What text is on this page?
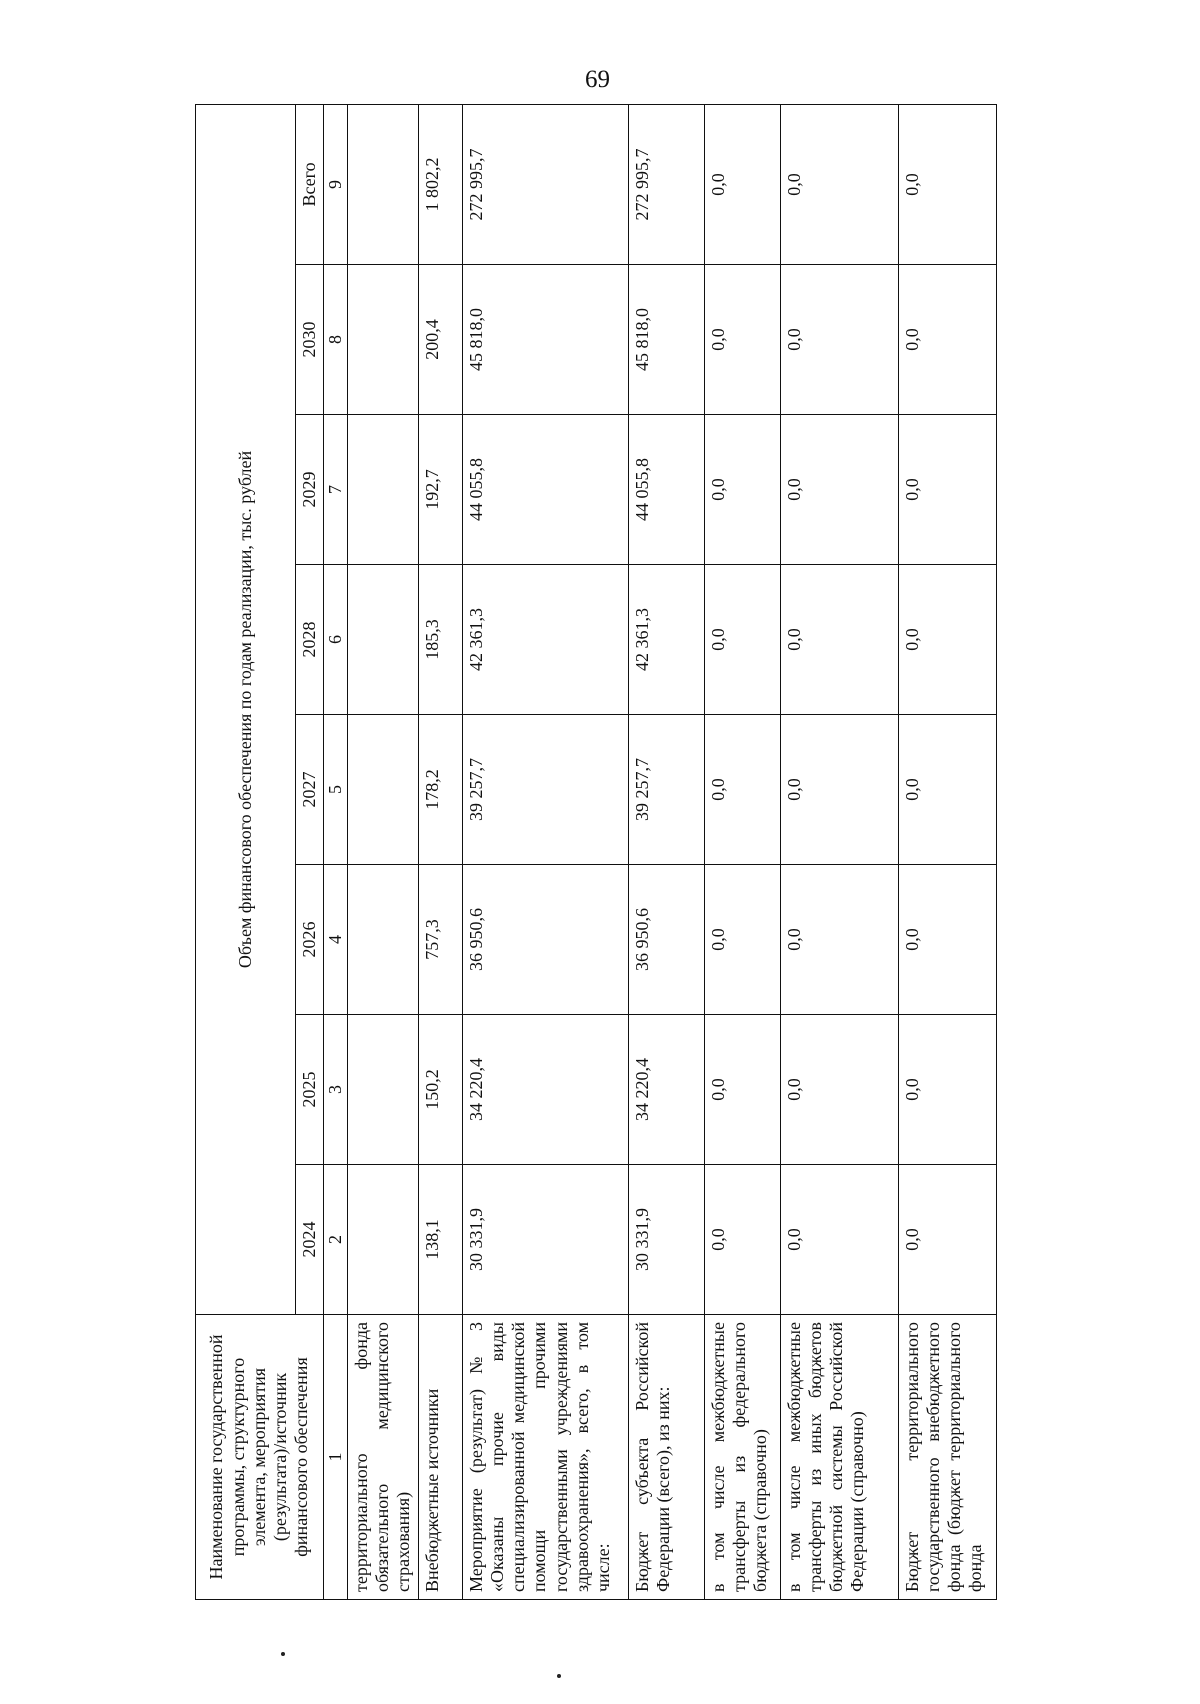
69
Наименование государственной программы, структурного элемента, мероприятия (результата)/источник финансового обеспечения	Объем финансового обеспечения по годам реализации, тыс. рублей							
	2024	2025	2026	2027	2028	2029	2030	Всего
1	2	3	4	5	6	7	8	9
территориального фонда обязательного медицинского страхования)								
Внебюджетные источники	138,1	150,2	757,3	178,2	185,3	192,7	200,4	1 802,2
Мероприятие (результат) № 3 «Оказаны прочие виды специализированной медицинской помощи прочими государственными учреждениями здравоохранения», всего, в том числе:	30 331,9	34 220,4	36 950,6	39 257,7	42 361,3	44 055,8	45 818,0	272 995,7
Бюджет субъекта Российской Федерации (всего), из них:	30 331,9	34 220,4	36 950,6	39 257,7	42 361,3	44 055,8	45 818,0	272 995,7
в том числе межбюджетные трансферты из федерального бюджета (справочно)	0,0	0,0	0,0	0,0	0,0	0,0	0,0	0,0
в том числе межбюджетные трансферты из иных бюджетов бюджетной системы Российской Федерации (справочно)	0,0	0,0	0,0	0,0	0,0	0,0	0,0	0,0
Бюджет территориального государственного внебюджетного фонда (бюджет территориального фонда	0,0	0,0	0,0	0,0	0,0	0,0	0,0	0,0
